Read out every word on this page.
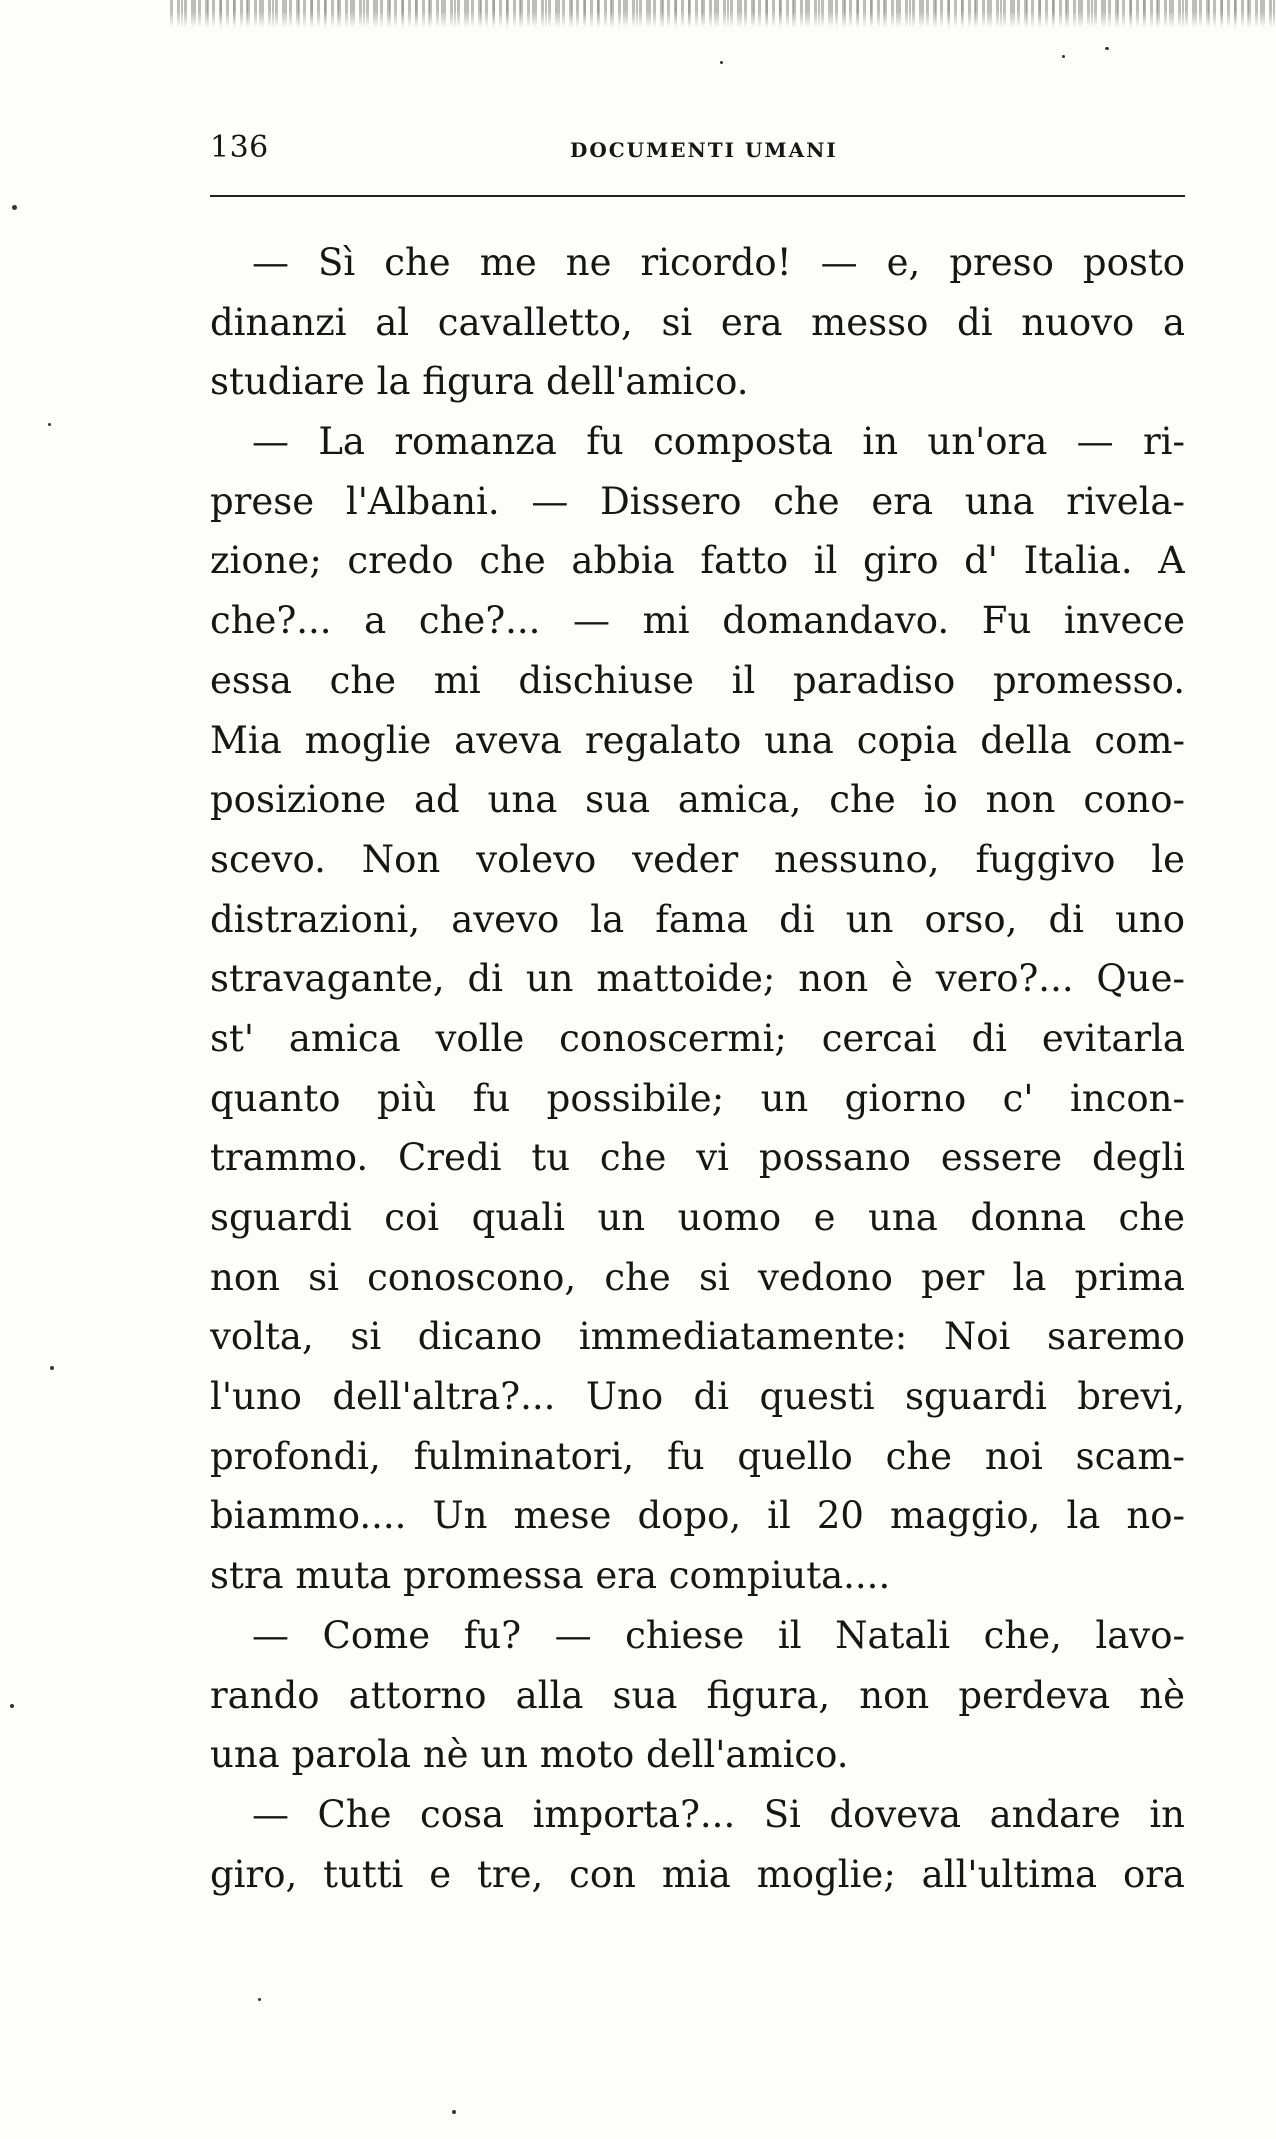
136	DOCUMENTI UMANI
— Sì che me ne ricordo! — e, preso posto
dinanzi al cavalletto, si era messo di nuovo a
studiare la figura dell'amico.
— La romanza fu composta in un'ora — ri-
prese l'Albani. — Dissero che era una rivela-
zione; credo che abbia fatto il giro d' Italia. A
che?... a che?... — mi domandavo. Fu invece
essa che mi dischiuse il paradiso promesso.
Mia moglie aveva regalato una copia della com-
posizione ad una sua amica, che io non cono-
scevo. Non volevo veder nessuno, fuggivo le
distrazioni, avevo la fama di un orso, di uno
stravagante, di un mattoide; non è vero?... Que-
st' amica volle conoscermi; cercai di evitarla
quanto più fu possibile; un giorno c' incon-
trammo. Credi tu che vi possano essere degli
sguardi coi quali un uomo e una donna che
non si conoscono, che si vedono per la prima
volta, si dicano immediatamente: Noi saremo
l'uno dell'altra?... Uno di questi sguardi brevi,
profondi, fulminatori, fu quello che noi scam-
biammo.... Un mese dopo, il 20 maggio, la no-
stra muta promessa era compiuta....
— Come fu? — chiese il Natali che, lavo-
rando attorno alla sua figura, non perdeva nè
una parola nè un moto dell'amico.
— Che cosa importa?... Si doveva andare in
giro, tutti e tre, con mia moglie; all'ultima ora
